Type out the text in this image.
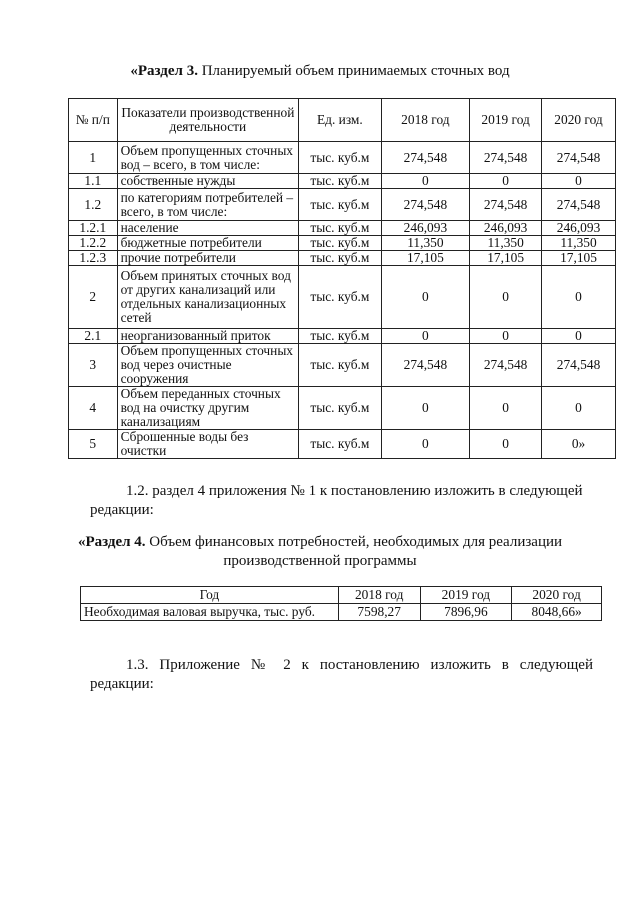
«Раздел 3. Планируемый объем принимаемых сточных вод
№ п/п	Показатели производственной деятельности	Ед. изм.	2018 год	2019 год	2020 год
1	Объем пропущенных сточных вод – всего, в том числе:	тыс. куб.м	274,548	274,548	274,548
1.1	собственные нужды	тыс. куб.м	0	0	0
1.2	по категориям потребителей – всего, в том числе:	тыс. куб.м	274,548	274,548	274,548
1.2.1	население	тыс. куб.м	246,093	246,093	246,093
1.2.2	бюджетные потребители	тыс. куб.м	11,350	11,350	11,350
1.2.3	прочие потребители	тыс. куб.м	17,105	17,105	17,105
2	Объем принятых сточных вод от других канализаций или отдельных канализационных сетей	тыс. куб.м	0	0	0
2.1	неорганизованный приток	тыс. куб.м	0	0	0
3	Объем пропущенных сточных вод через очистные сооружения	тыс. куб.м	274,548	274,548	274,548
4	Объем переданных сточных вод на очистку другим канализациям	тыс. куб.м	0	0	0
5	Сброшенные воды без очистки	тыс. куб.м	0	0	0»
1.2. раздел 4 приложения № 1 к постановлению изложить в следующей
редакции:
«Раздел 4. Объем финансовых потребностей, необходимых для реализации
производственной программы
Год	2018 год	2019 год	2020 год
Необходимая валовая выручка, тыс. руб.	7598,27	7896,96	8048,66»
1.3. Приложение № 2 к постановлению изложить в следующей
редакции:
